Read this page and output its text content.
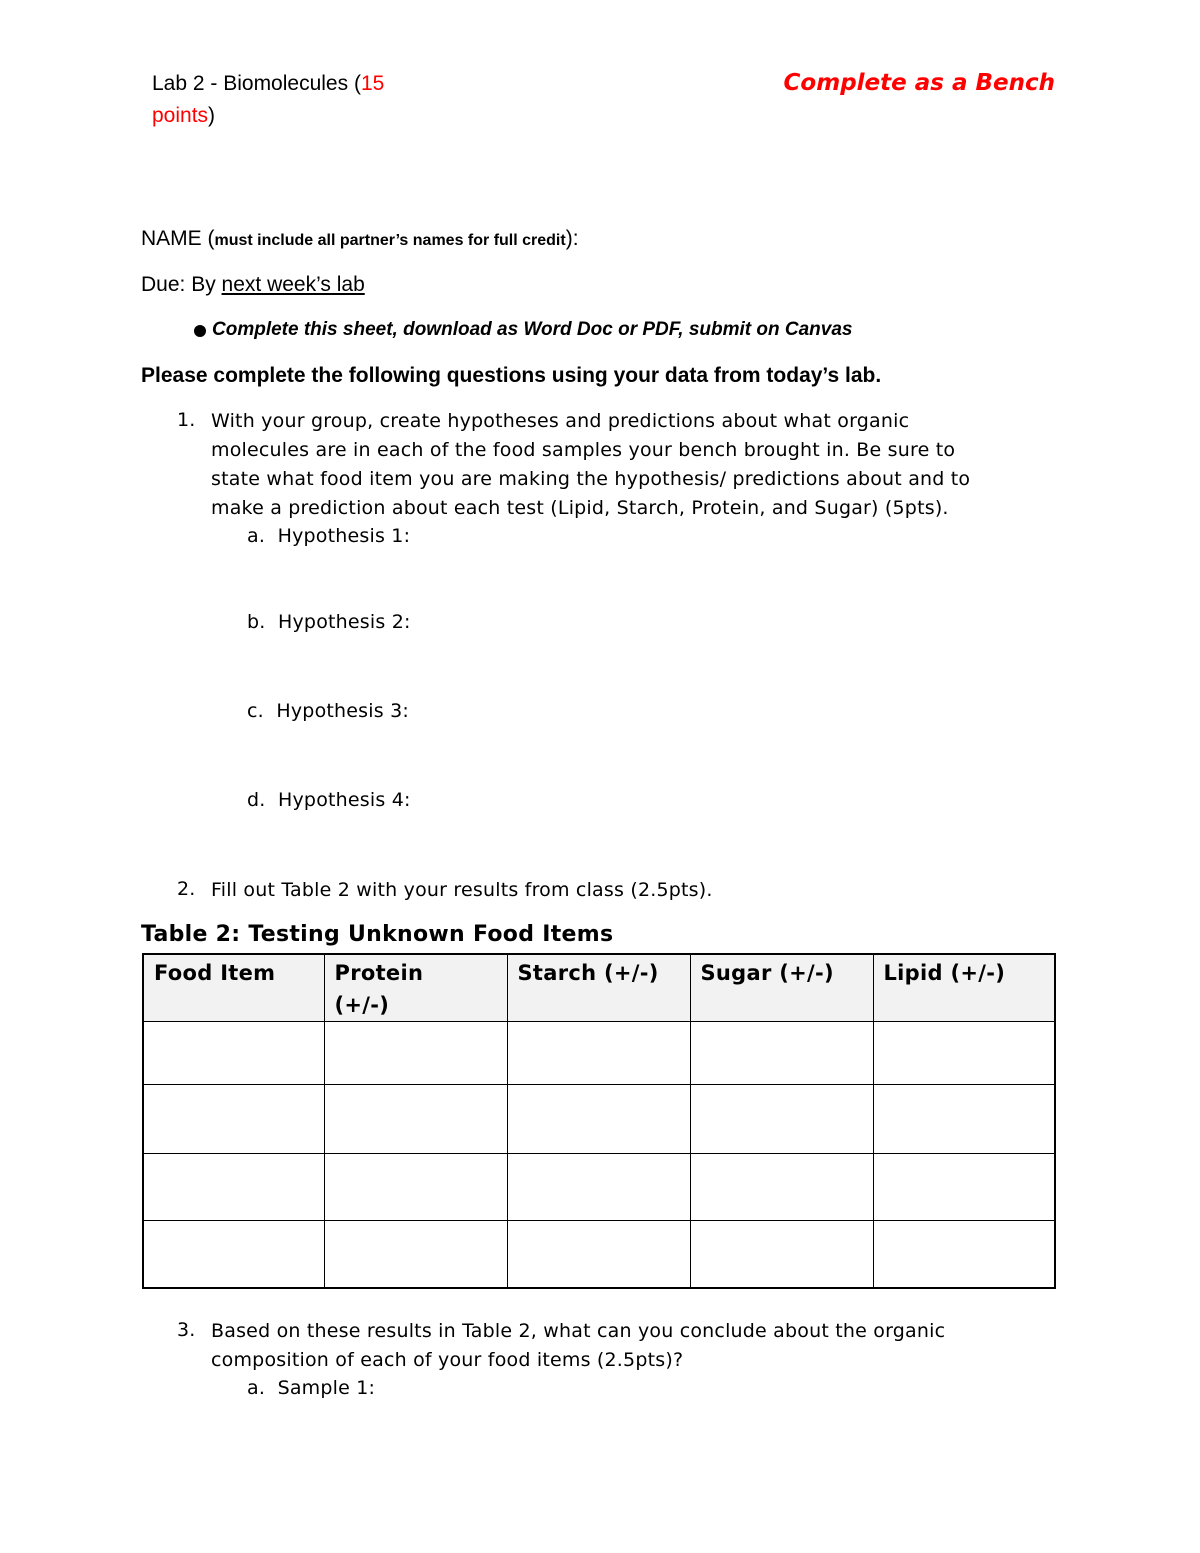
Lab 2 - Biomolecules (15
points)
Complete as a Bench
NAME (must include all partner’s names for full credit):
Due: By next week’s lab
Complete this sheet, download as Word Doc or PDF, submit on Canvas
Please complete the following questions using your data from today’s lab.
1. With your group, create hypotheses and predictions about what organic
molecules are in each of the food samples your bench brought in. Be sure to
state what food item you are making the hypothesis/ predictions about and to
make a prediction about each test (Lipid, Starch, Protein, and Sugar) (5pts).
a. Hypothesis 1:
b. Hypothesis 2:
c. Hypothesis 3:
d. Hypothesis 4:
2. Fill out Table 2 with your results from class (2.5pts).
Table 2: Testing Unknown Food Items
Food Item	Protein (+/-)	Starch (+/-)	Sugar (+/-)	Lipid (+/-)

3. Based on these results in Table 2, what can you conclude about the organic
composition of each of your food items (2.5pts)?
a. Sample 1:
